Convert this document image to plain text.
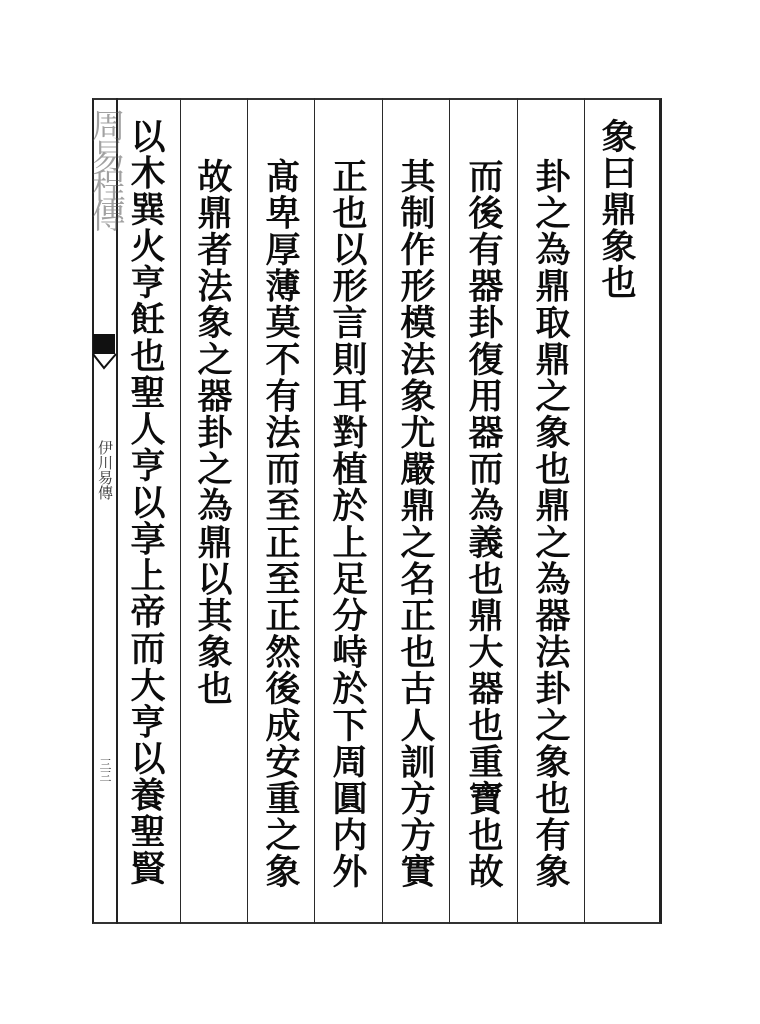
周易程傳
伊川易傳
三三
象曰鼎象也
卦之為鼎取鼎之象也鼎之為器法卦之象也有象
而後有器卦復用器而為義也鼎大器也重寶也故
其制作形模法象尤嚴鼎之名正也古人訓方方實
正也以形言則耳對植於上足分峙於下周圓内外
髙卑厚薄莫不有法而至正至正然後成安重之象
故鼎者法象之器卦之為鼎以其象也
以木巽火亨飪也聖人亨以享上帝而大亨以養聖賢
